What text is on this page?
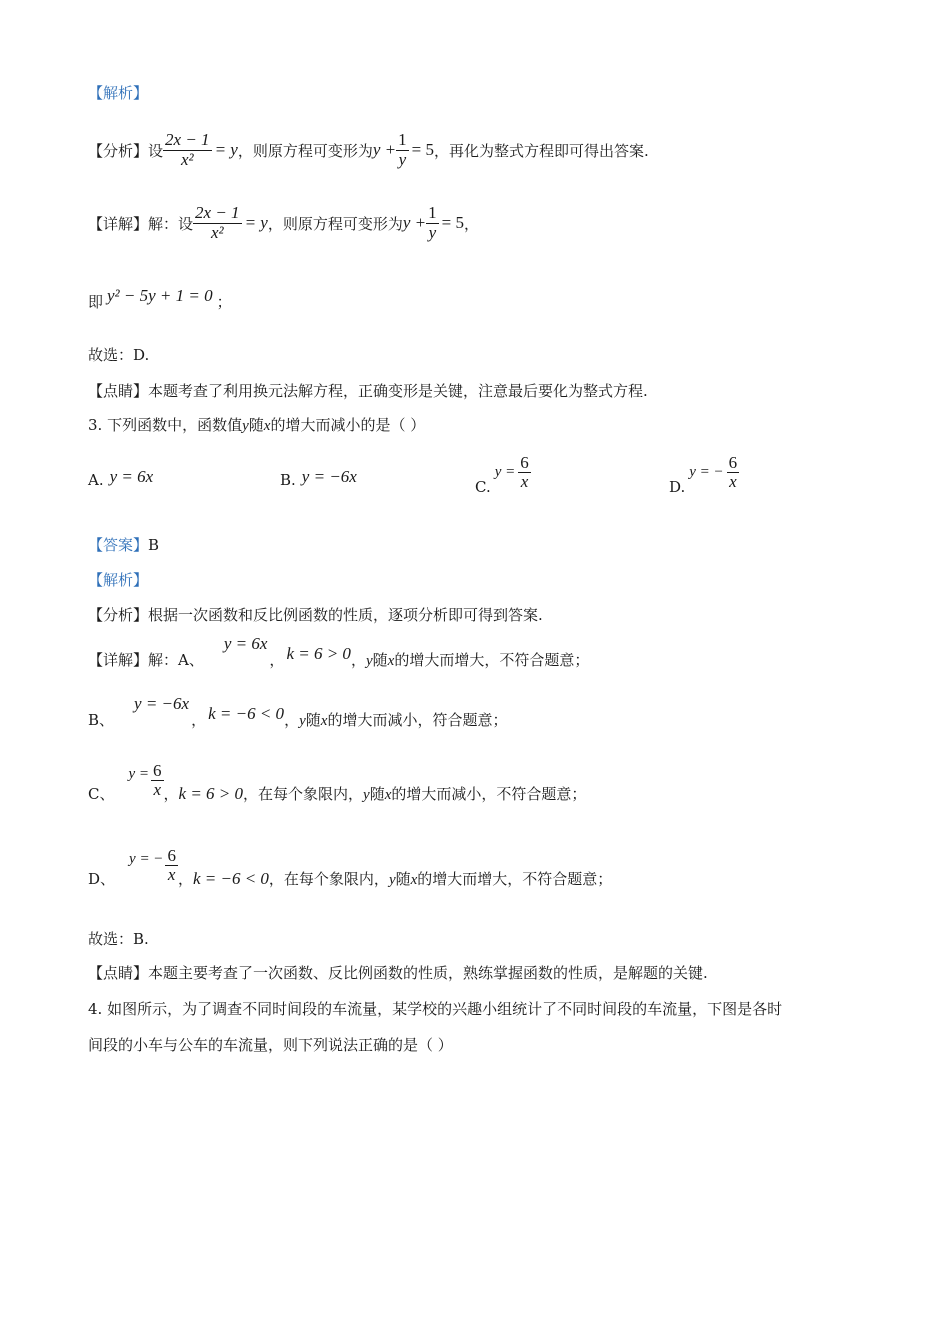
【解析】
【分析】 设 $\frac{2x - 1}{\text{x²}} = y$ ，则原方程可变形为 $y + \frac{1}{y} = 5$ ，再化为整式方程即可得出答案.
【详解】 解：设 $\frac{2x - 1}{\text{x²}} = y$ ，则原方程可变形为 $y + \frac{1}{y} = 5$ ，
即 y² − 5y + 1 = 0 ；
故选：D.
【点睛】本题考查了利用换元法解方程，正确变形是关键，注意最后要化为整式方程.
3. 下列函数中，函数值y随x的增大而减小的是（ ）
A. y = 6x	B. y = −6x
C.
$y = \frac{6}{x}$	D.
y = − $\frac{6}{x}$
【答案】B
【解析】
【分析】根据一次函数和反比例函数的性质，逐项分析即可得到答案.
【详解】 解：A、
y = 6x
， k = 6 > 0 ， y 随 x 的增大而增大，不符合题意；
B、
y = −6x
， k = −6 < 0 ， y 随 x 的增大而减小，符合题意；
C、
$y = \frac{6}{x}$ ， k = 6 > 0 ，在每个象限内， y 随 x 的增大而减小，不符合题意；
D、
y = − $\frac{6}{x}$ ， k = −6 < 0 ，在每个象限内， y 随 x 的增大而增大，不符合题意；
故选：B.
【点睛】本题主要考查了一次函数、反比例函数的性质，熟练掌握函数的性质，是解题的关键.
4. 如图所示，为了调查不同时间段的车流量，某学校的兴趣小组统计了不同时间段的车流量，下图是各时
间段的小车与公车的车流量，则下列说法正确的是（ ）
